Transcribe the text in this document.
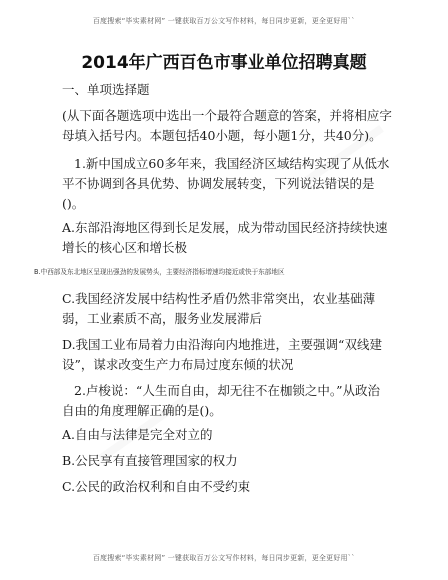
百度搜索“毕实素材网” 一键获取百万公文写作材料，每日同步更新，更全更好用``
2014年广西百色市事业单位招聘真题

一、单项选择题

(从下面各题选项中选出一个最符合题意的答案，并将相应字母填入括号内。本题包括40小题，每小题1分，共40分)。

1.新中国成立60多年来，我国经济区域结构实现了从低水平不协调到各具优势、协调发展转变，下列说法错误的是()。

A.东部沿海地区得到长足发展，成为带动国民经济持续快速增长的核心区和增长极

B.中西部及东北地区呈现出强劲的发展势头，主要经济指标增速均接近或快于东部地区

C.我国经济发展中结构性矛盾仍然非常突出，农业基础薄弱，工业素质不高，服务业发展滞后

D.我国工业布局着力由沿海向内地推进，主要强调“双线建设”，谋求改变生产力布局过度东倾的状况

2.卢梭说：“人生而自由，却无往不在枷锁之中。”从政治自由的角度理解正确的是()。

A.自由与法律是完全对立的

B.公民享有直接管理国家的权力

C.公民的政治权利和自由不受约束

百度搜索“毕实素材网” 一键获取百万公文写作材料，每日同步更新，更全更好用``
